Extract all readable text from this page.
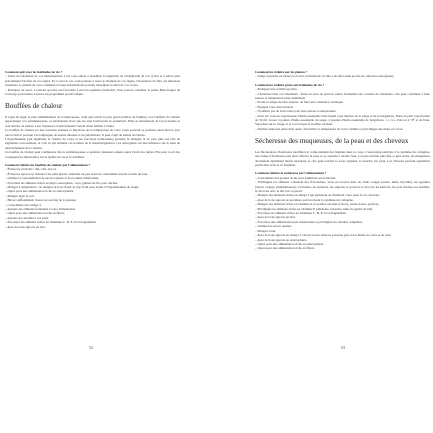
Comment agir avec les habitudes de vie ?
– Tenez un calendrier de vos menstruations. Cela vous aidera à visualiser la régularité ou l'irrégularité de vos cycles et à suivre plus précisément l'arrivée de vos règles. Et ce sera le cas, vous pourrez y noter le moment de vos règles, l'abondance du flux, les émotions ressenties, la qualité de votre sommeil et toutes informations pouvant renseigner le suivi de vos cycles.
– Pratiquez du sport. L'activité sportive est favorable à un bon équilibre hormonal. Vous pouvez consulter la partie Bien-bouger de l'ouvrage pour mettre en place un programme sportif adapté.
Bouffées de chaleur
Il s'agit du signe le plus emblématique de la ménopause, celui qui touche le plus grand nombre de femmes. Les bouffées de chaleur apparaissent à la périménopause, et surviennent alors que les taux hormonaux se perturbent. Elles se manifestent de façon brutale et sont suivies de sueurs. Leur fréquence et leur intensité varient d'une femme à l'autre.
La bouffée de chaleur est une variation brusque et imprévue de la température de votre corps pouvant se produire aussi bien le jour que la nuit et pouvant s'accompagner de sueurs intenses et de palpitations. Il peut s'agir de sueurs nocturnes.
L'hypothalamus (qui régularise la chaleur du corps et les fonctions hormonales) perturbe le dérégler. Il ne joue plus son rôle de régulateur correctement, et c'est ce qui entraîne ces troubles de la thermorégulation. Les œstrogènes ont une influence sur le seuil de déclenchement de la chaleur.
La bouffée de chaleur peut commencer dès la périménopause et persister plusieurs années après l'arrêt des règles. Elle peut avoir des conséquences importantes sur la qualité de vie et le sommeil.
Comment réduire les bouffées de chaleur par l'alimentation ?
– Évitez les excitants : thé, café, alcool.
– Évitez les repas trop chauds et les plats épicés. Attendez un peu avant de consommer un plat sortant du four.
– Limitez la consommation de sucres rapides et de produits transformés.
– Favorisez les aliments riches en phyto-œstrogènes : soja, graines de lin, pois chiches.
– Mangez à température : ne mangez ni trop chaud, ni trop froid pour éviter à l'hypothalamus de réagir.
– Optez pour une alimentation riche en antioxydants.
– Mangez léger le soir.
– Buvez suffisamment d'eau tout au long de la journée.
– Consommez des oméga 3.
– Ajoutez des aliments fermentés à votre alimentation.
– Optez pour une alimentation riche en fibres.
– Ajoutez du curcuma à vos plats.
– Favorisez les aliments riches en vitamines C, B, E, D et magnésium.
– Ayez de bons apports en zinc.
52
Comment les réduire par les plantes ?
– Sauge à prendre en tisane (voir avec un médecin car elle a un effet aussi proche de celui des œstrogènes).
Comment les réduire grâce aux habitudes de vie ?
– Pratiquez une activité sportive.
– Choisissez bien vos vêtements : faites en sorte de pouvoir retirer facilement des couches de vêtements, cela peut contribuer à faire baisser la température plus rapidement.
– Portez le temps de bien respirer, de faire une cohérence cardiaque.
– Équipez-vous d'un éventail.
– N'oubliez pas de boire bien pour faire baisser la température.
– Avez sur vous un vaporisateur d'huile essentielle dans lequel vous mettrez de la sauge et de la bergamote. Dans un petit vaporisateur de 50 ml, versez 4 gouttes d'huile essentielle de sauge, 4 gouttes d'huile essentielle de bergamote, 1 c. à s. d'alcool à 70° et de l'eau. Vaporisez sur le visage et le cou lorsque la bouffée survient.
– Dormez dans une pièce bien aérée. Surveillez la température de votre chambre et privilégiez des draps en coton.
Sécheresse des muqueuses, de la peau et des cheveux
Les fluctuations d'hormones modifient le comportement des liquides dans le corps. L'œstrogène participe à la synthèse du collagène, une baisse d'hormones peut ainsi affecter la peau et sa capacité à retenir l'eau. La peau devient plus fine et plus sèche, les muqueuses deviennent également moins hydratées et cela peut toucher la zone vaginale, la bouche, les yeux. Les cheveux peuvent également perdre leur éclat et se fragiliser.
Comment réduire la sécheresse par l'alimentation ?
– Consommez des graines de lin pour équilibrer les hormones.
– Privilégiez les aliments contenant des flavonoïdes. Vous en trouvez dans les fruits rouges (cerise, mûre, myrtille), les agrumes (citron, orange, pamplemousse), l'artichaut, les épinards, les oignons, le poivron, le brocoli, les haricots, les pois chiches, les lentilles, le chocolat noir, le thé vert, le persil.
– Mangez des aliments riches en oméga 3 qui hydratent de l'intérieur votre peau et vos cheveux.
– Ayez de bons apports en protéines qui favorisent la synthèse du collagène.
– Mangez des aliments riches en vitamine A et en bêta-carotène (carotte, patate douce, potiron).
– Privilégiez les aliments riches en vitamine E (amandes, noisettes, huile de germe de blé).
– Favorisez les aliments riches en vitamines C, B, E, D et magnésium.
– Ayez de bons apports en zinc.
– Favorisez une alimentation peu transformée et privilégiez les céréales complètes.
– Limitez les sucres rapides.
– Mangez varié.
– Ayez de bons apports en oméga 3. On les trouve dans les poissons gras et les huiles de colza et de noix.
– Ayez de bons apports en antioxydants.
– Optez pour une alimentation riche en antioxydants.
– Optez pour une alimentation riche en fibres.
53
